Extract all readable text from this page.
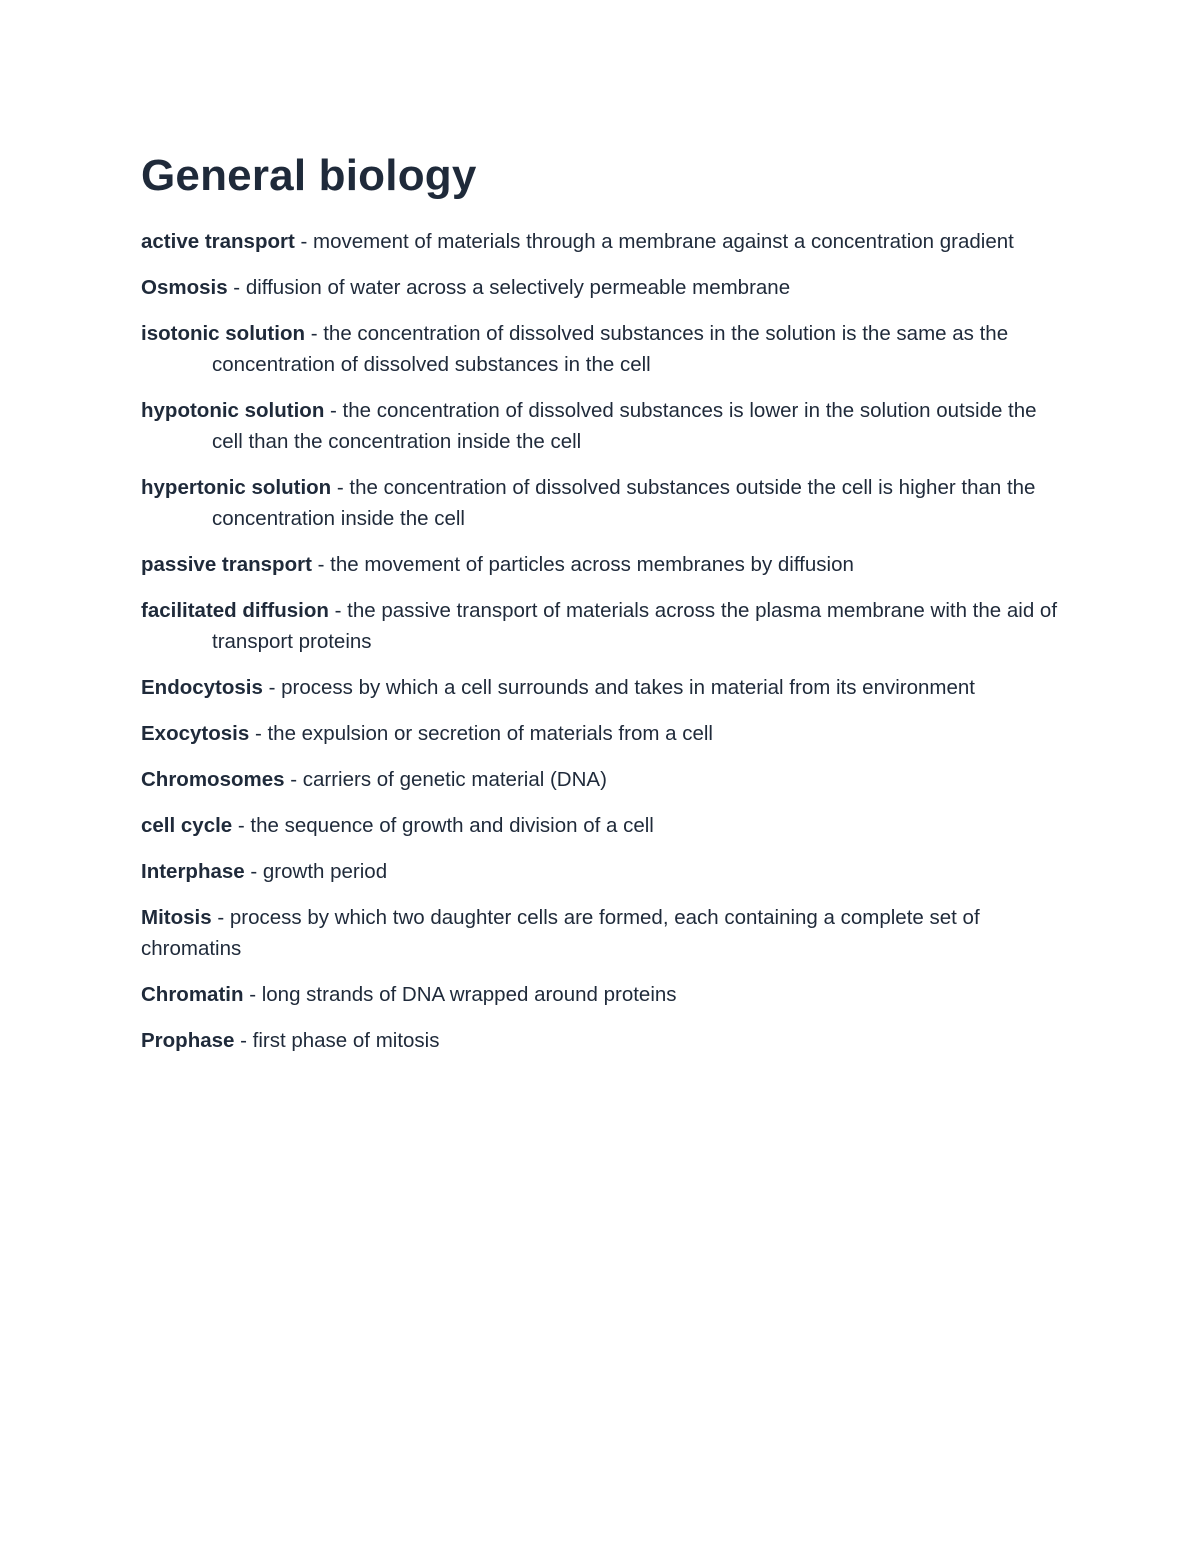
General biology

active transport - movement of materials through a membrane against a concentration gradient

Osmosis - diffusion of water across a selectively permeable membrane

isotonic solution - the concentration of dissolved substances in the solution is the same as the concentration of dissolved substances in the cell

hypotonic solution - the concentration of dissolved substances is lower in the solution outside the cell than the concentration inside the cell

hypertonic solution - the concentration of dissolved substances outside the cell is higher than the concentration inside the cell

passive transport - the movement of particles across membranes by diffusion

facilitated diffusion - the passive transport of materials across the plasma membrane with the aid of transport proteins

Endocytosis - process by which a cell surrounds and takes in material from its environment

Exocytosis - the expulsion or secretion of materials from a cell

Chromosomes - carriers of genetic material (DNA)

cell cycle - the sequence of growth and division of a cell

Interphase - growth period

Mitosis - process by which two daughter cells are formed, each containing a complete set of chromatins

Chromatin - long strands of DNA wrapped around proteins

Prophase - first phase of mitosis
